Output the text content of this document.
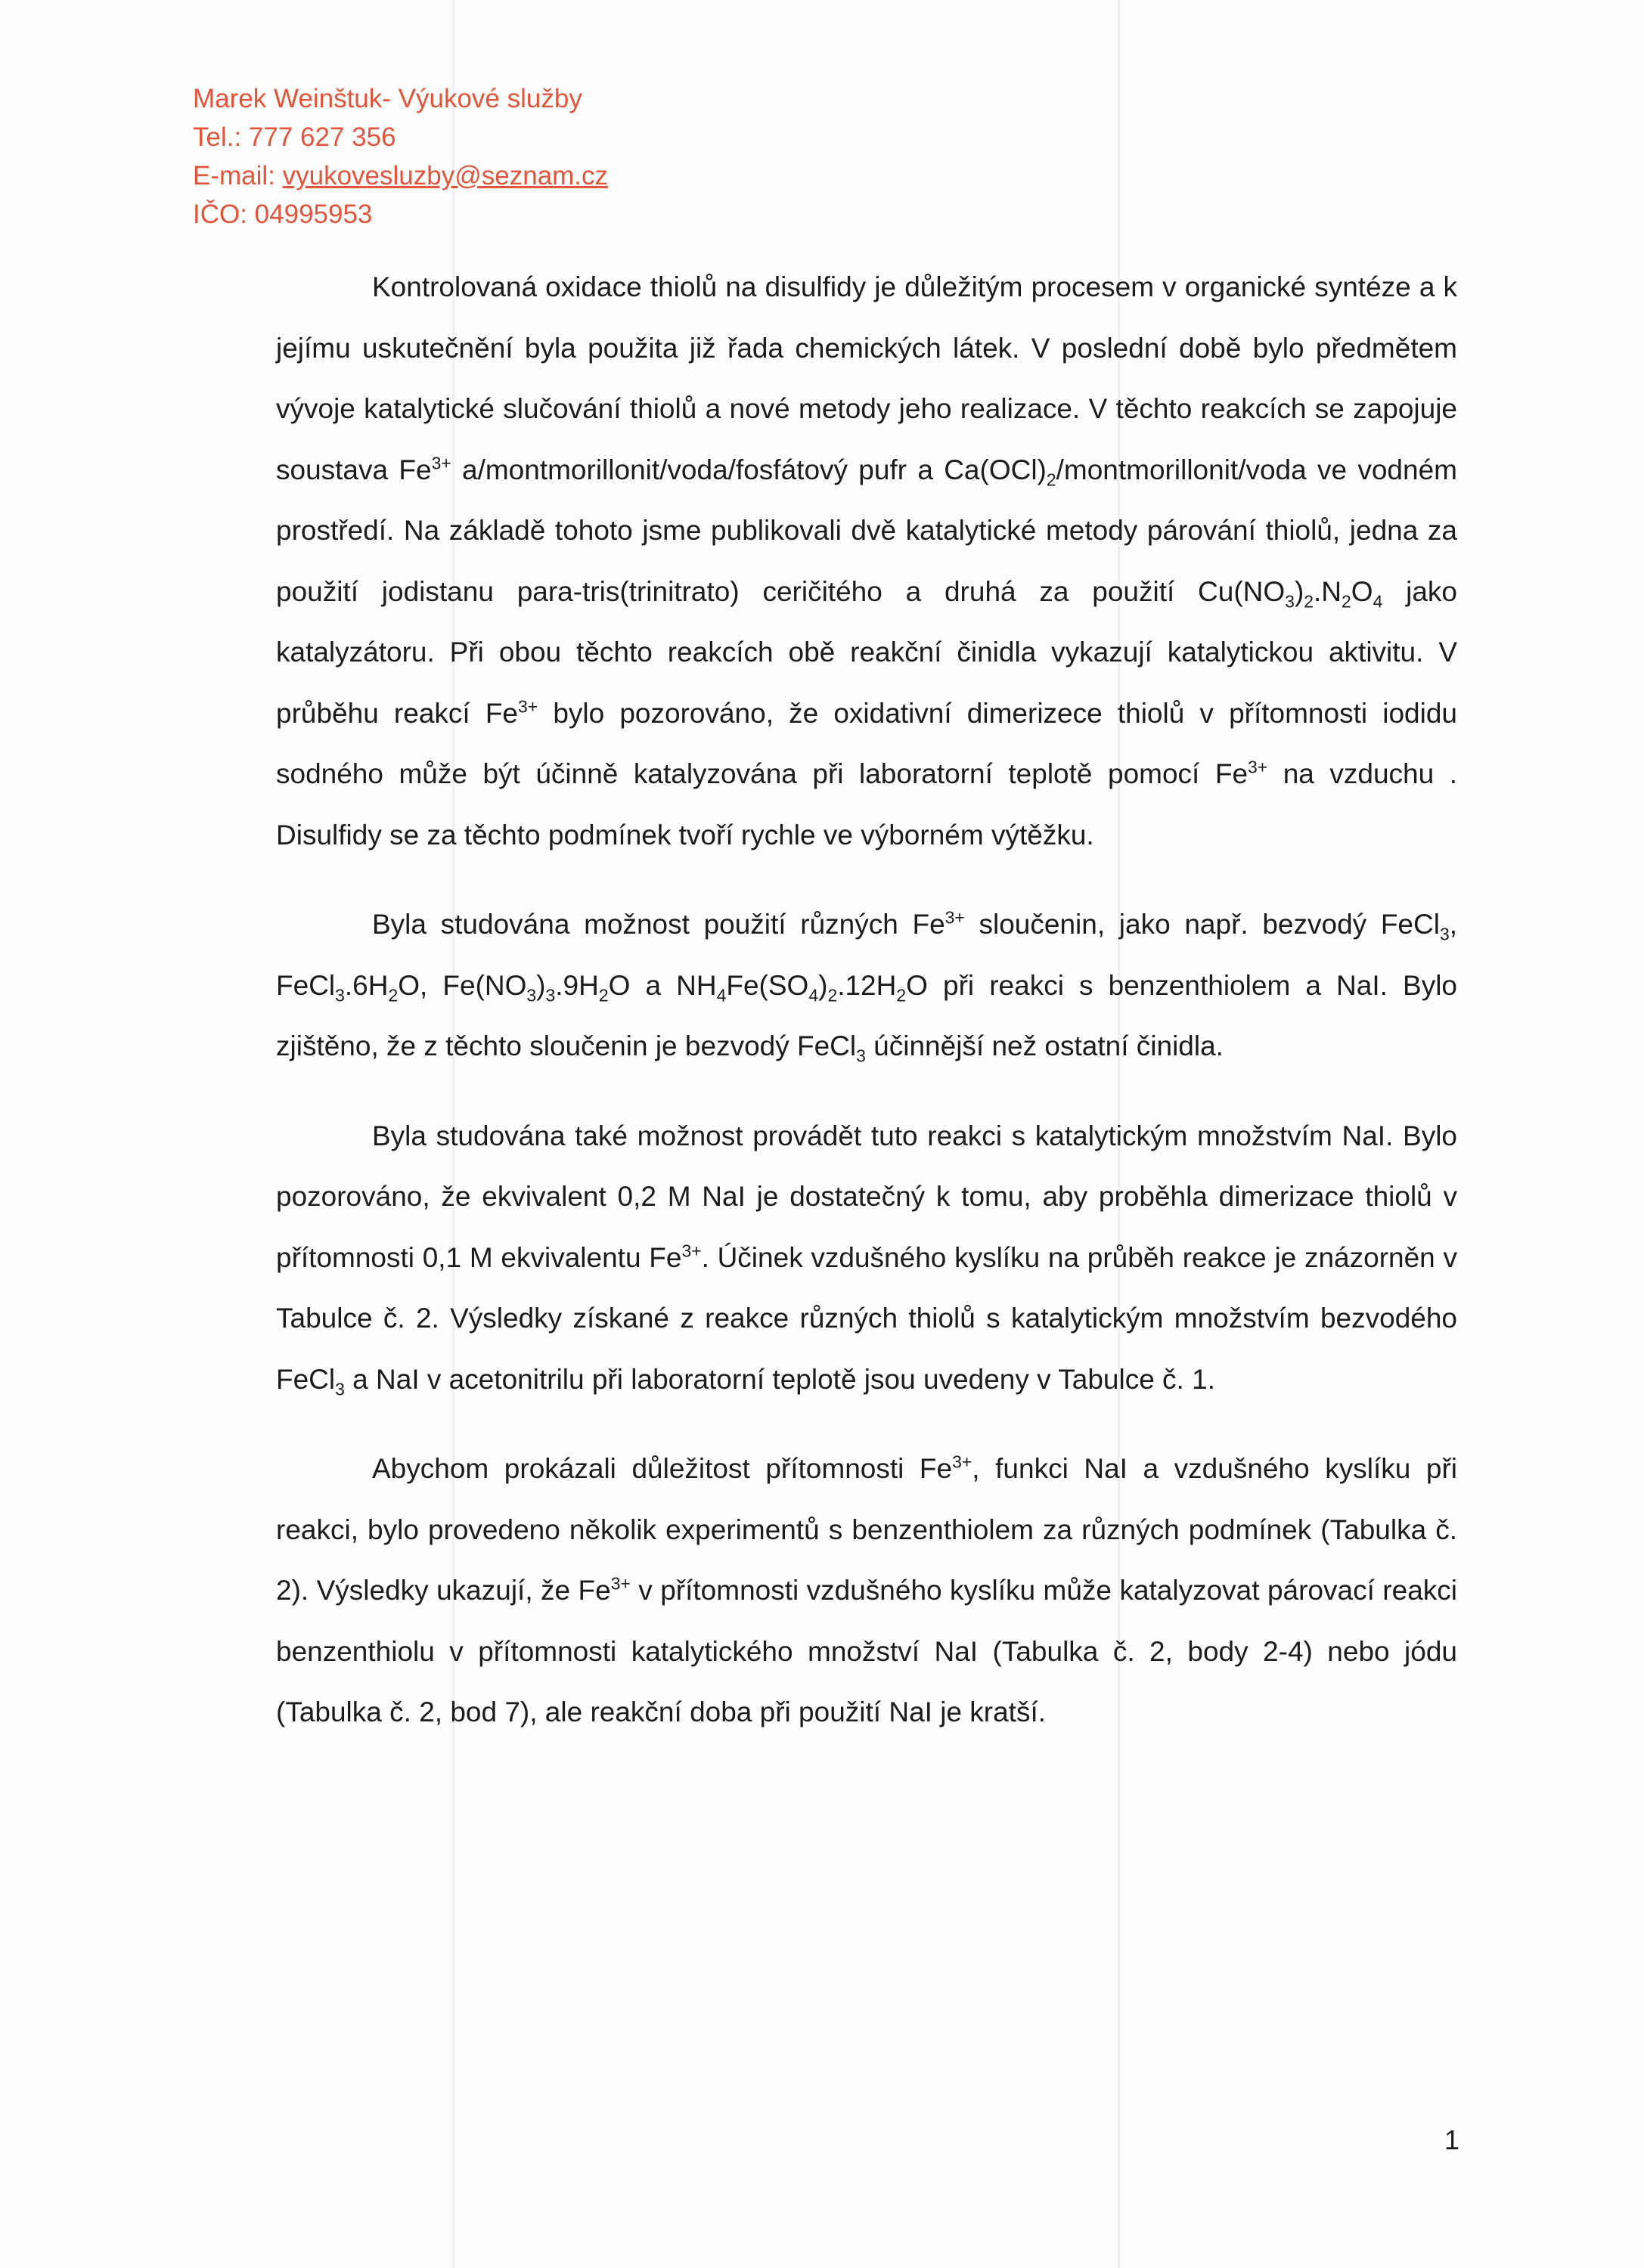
Marek Weinštuk- Výukové služby
Tel.: 777 627 356
E-mail: vyukovesluzby@seznam.cz
IČO: 04995953

Kontrolovaná oxidace thiolů na disulfidy je důležitým procesem v organické syntéze a k jejímu uskutečnění byla použita již řada chemických látek. V poslední době bylo předmětem vývoje katalytické slučování thiolů a nové metody jeho realizace. V těchto reakcích se zapojuje soustava $Fe^{3+}$ a/montmorillonit/voda/fosfátový pufr a $Ca(OCl)_2/montmorillonit$/voda ve vodném prostředí. Na základě tohoto jsme publikovali dvě katalytické metody párování thiolů, jedna za použití jodistanu para-tris(trinitrato) ceričitého a druhá za použití $Cu(NO_3)_2.N_2O_4$ jako katalyzátoru. Při obou těchto reakcích obě reakční činidla vykazují katalytickou aktivitu. V průběhu reakcí $Fe^{3+}$ bylo pozorováno, že oxidativní dimerizece thiolů v přítomnosti iodidu sodného může být účinně katalyzována při laboratorní teplotě pomocí $Fe^{3+}$ na vzduchu . Disulfidy se za těchto podmínek tvoří rychle ve výborném výtěžku.

Byla studována možnost použití různých $Fe^{3+}$ sloučenin, jako např. bezvodý FeCl$_3$, $FeCl_3.6H_2O$, $Fe(NO_3)_3.9H_2O$ a $NH_4Fe(SO_4)_2.12H_2O$ při reakci s benzenthiolem a NaI. Bylo zjištěno, že z těchto sloučenin je bezvodý FeCl$_3$ účinnější než ostatní činidla.

Byla studována také možnost provádět tuto reakci s katalytickým množstvím NaI. Bylo pozorováno, že ekvivalent 0,2 M NaI je dostatečný k tomu, aby proběhla dimerizace thiolů v přítomnosti 0,1 M ekvivalentu $Fe^{3+}$. Účinek vzdušného kyslíku na průběh reakce je znázorněn v Tabulce č. 2. Výsledky získané z reakce různých thiolů s katalytickým množstvím bezvodého FeCl$_3$ a NaI v acetonitrilu při laboratorní teplotě jsou uvedeny v Tabulce č. 1.

Abychom prokázali důležitost přítomnosti $Fe^{3+}$, funkci NaI a vzdušného kyslíku při reakci, bylo provedeno několik experimentů s benzenthiolem za různých podmínek (Tabulka č. 2). Výsledky ukazují, že $Fe^{3+}$ v přítomnosti vzdušného kyslíku může katalyzovat párovací reakci benzenthiolu v přítomnosti katalytického množství NaI (Tabulka č. 2, body 2-4) nebo jódu (Tabulka č. 2, bod 7), ale reakční doba při použití NaI je kratší.

1
